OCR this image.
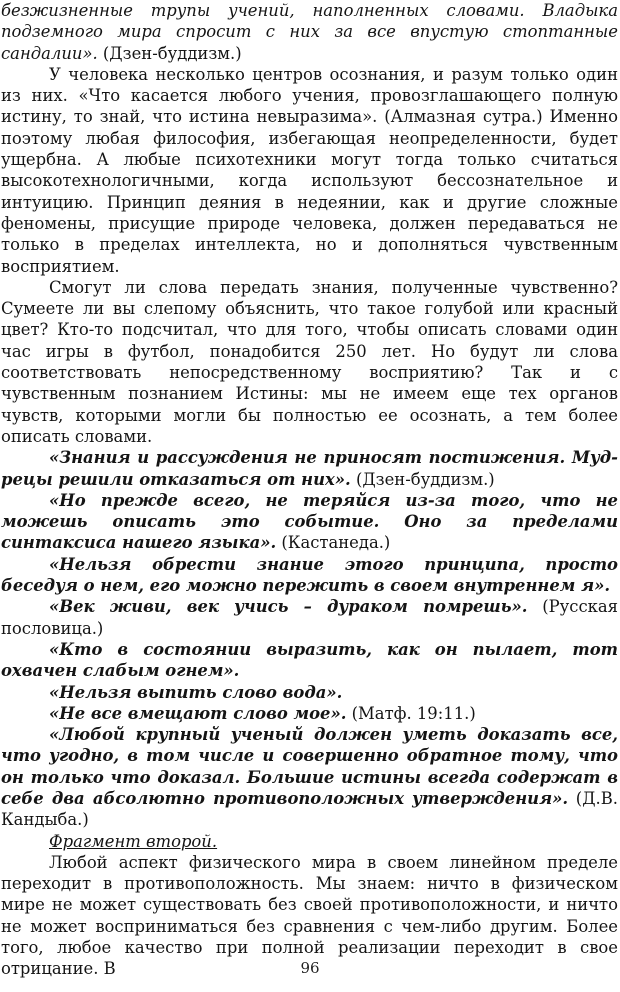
безжизненные трупы учений, наполненных словами. Владыка подземного мира спросит с них за все впустую стоптанные сандалии». (Дзен-буддизм.)

У человека несколько центров осознания, и разум только один из них. «Что касается любого учения, провозглашающего полную истину, то знай, что истина невыразима». (Алмазная сутра.) Именно поэтому любая философия, избегающая неопределенности, будет ущербна. А любые психотехники могут тогда только считаться высокотехнологичными, когда используют бессознательное и интуицию. Принцип деяния в недеянии, как и другие сложные феномены, присущие природе человека, должен передаваться не только в пределах интеллекта, но и дополняться чувственным восприятием.

Смогут ли слова передать знания, полученные чувственно? Сумеете ли вы слепому объяснить, что такое голубой или красный цвет? Кто-то подсчитал, что для того, чтобы описать словами один час игры в футбол, понадобится 250 лет. Но будут ли слова соответствовать непосредственному восприятию? Так и с чувственным познанием Истины: мы не имеем еще тех органов чувств, которыми могли бы полностью ее осознать, а тем более описать словами.

«Знания и рассуждения не приносят постижения. Муд-рецы решили отказаться от них». (Дзен-буддизм.)

«Но прежде всего, не теряйся из-за того, что не можешь описать это событие. Оно за пределами синтаксиса нашего языка». (Кастанеда.)

«Нельзя обрести знание этого принципа, просто беседуя о нем, его можно пережить в своем внутреннем я».

«Век живи, век учись – дураком помрешь». (Русская пословица.)

«Кто в состоянии выразить, как он пылает, тот охвачен слабым огнем».

«Нельзя выпить слово вода».

«Не все вмещают слово мое». (Матф. 19:11.)

«Любой крупный ученый должен уметь доказать все, что угодно, в том числе и совершенно обратное тому, что он только что доказал. Большие истины всегда содержат в себе два абсолютно противоположных утверждения». (Д.В. Кандыба.)

Фрагмент второй.

Любой аспект физического мира в своем линейном пределе переходит в противоположность. Мы знаем: ничто в физическом мире не может существовать без своей противоположности, и ничто не может восприниматься без сравнения с чем-либо другим. Более того, любое качество при полной реализации переходит в свое отрицание. В	96
